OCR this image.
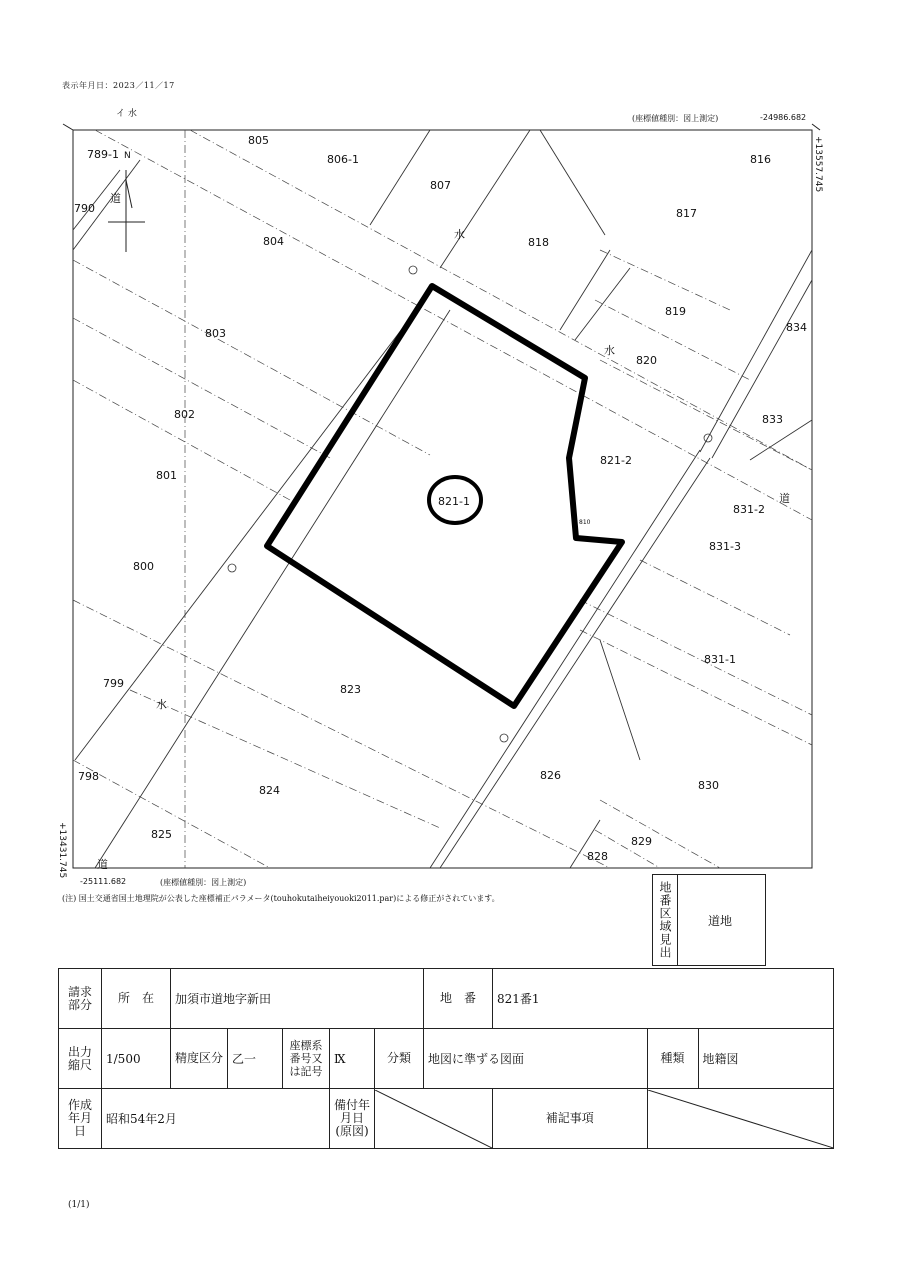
表示年月日：2023／11／17
イ 水	(座標値種別：図上測定)	-24986.682
789-1
790
805
806-1
807
816
817
818
804
819
834
803
820
833
802
821-2
801
821-1
831-2
831-3
800
831-1
799	823
826
830
798
824
829
825
828
N
道
水
水
道
水
道
810
+13557.745
+13431.745
-25111.682	(座標値種別：図上測定)
(注) 国土交通省国土地理院が公表した座標補正パラメータ(touhokutaiheiyouoki2011.par)による修正がされています。	地番区域見出	道地
請求部分	所　在	加須市道地字新田					地　番	821番1		
出力縮尺	1/500	精度区分	乙一	座標系番号又は記号	Ⅸ	分類	地図に準ずる図面		種類	地籍図
作成年月日	昭和54年2月				備付年月日(原図)			補記事項	
(1/1)
